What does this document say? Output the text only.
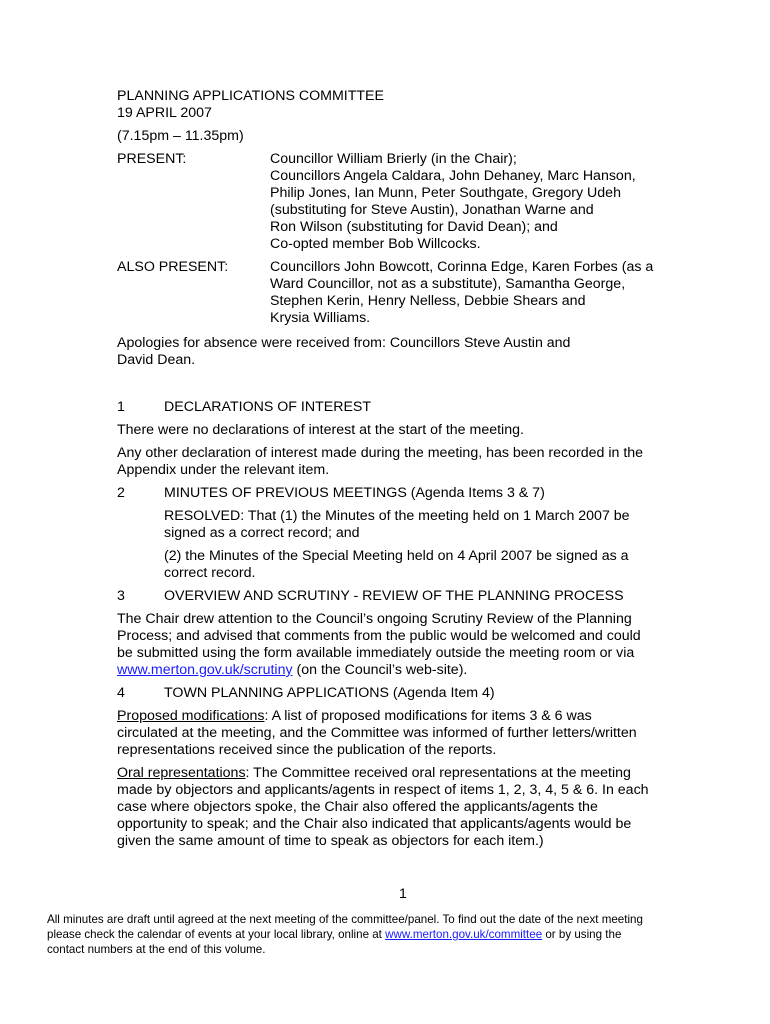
PLANNING APPLICATIONS COMMITTEE

19 APRIL 2007

(7.15pm – 11.35pm)

PRESENT:	Councillor William Brierly (in the Chair);

Councillors Angela Caldara, John Dehaney, Marc Hanson,

Philip Jones, Ian Munn, Peter Southgate, Gregory Udeh

(substituting for Steve Austin), Jonathan Warne and

Ron Wilson (substituting for David Dean); and

Co-opted member Bob Willcocks.

ALSO PRESENT:	Councillors John Bowcott, Corinna Edge, Karen Forbes (as a

Ward Councillor, not as a substitute), Samantha George,

Stephen Kerin, Henry Nelless, Debbie Shears and

Krysia Williams.

Apologies for absence were received from: Councillors Steve Austin and

David Dean.

1	DECLARATIONS OF INTEREST

There were no declarations of interest at the start of the meeting.

Any other declaration of interest made during the meeting, has been recorded in the

Appendix under the relevant item.

2	MINUTES OF PREVIOUS MEETINGS (Agenda Items 3 & 7)

RESOLVED: That (1) the Minutes of the meeting held on 1 March 2007 be

signed as a correct record; and

(2) the Minutes of the Special Meeting held on 4 April 2007 be signed as a

correct record.

3	OVERVIEW AND SCRUTINY - REVIEW OF THE PLANNING PROCESS

The Chair drew attention to the Council’s ongoing Scrutiny Review of the Planning

Process; and advised that comments from the public would be welcomed and could

be submitted using the form available immediately outside the meeting room or via

www.merton.gov.uk/scrutiny (on the Council’s web-site).

4	TOWN PLANNING APPLICATIONS (Agenda Item 4)

Proposed modifications: A list of proposed modifications for items 3 & 6 was

circulated at the meeting, and the Committee was informed of further letters/written

representations received since the publication of the reports.

Oral representations: The Committee received oral representations at the meeting

made by objectors and applicants/agents in respect of items 1, 2, 3, 4, 5 & 6. In each

case where objectors spoke, the Chair also offered the applicants/agents the

opportunity to speak; and the Chair also indicated that applicants/agents would be

given the same amount of time to speak as objectors for each item.)

1

All minutes are draft until agreed at the next meeting of the committee/panel. To find out the date of the next meeting

please check the calendar of events at your local library, online at www.merton.gov.uk/committee or by using the

contact numbers at the end of this volume.
